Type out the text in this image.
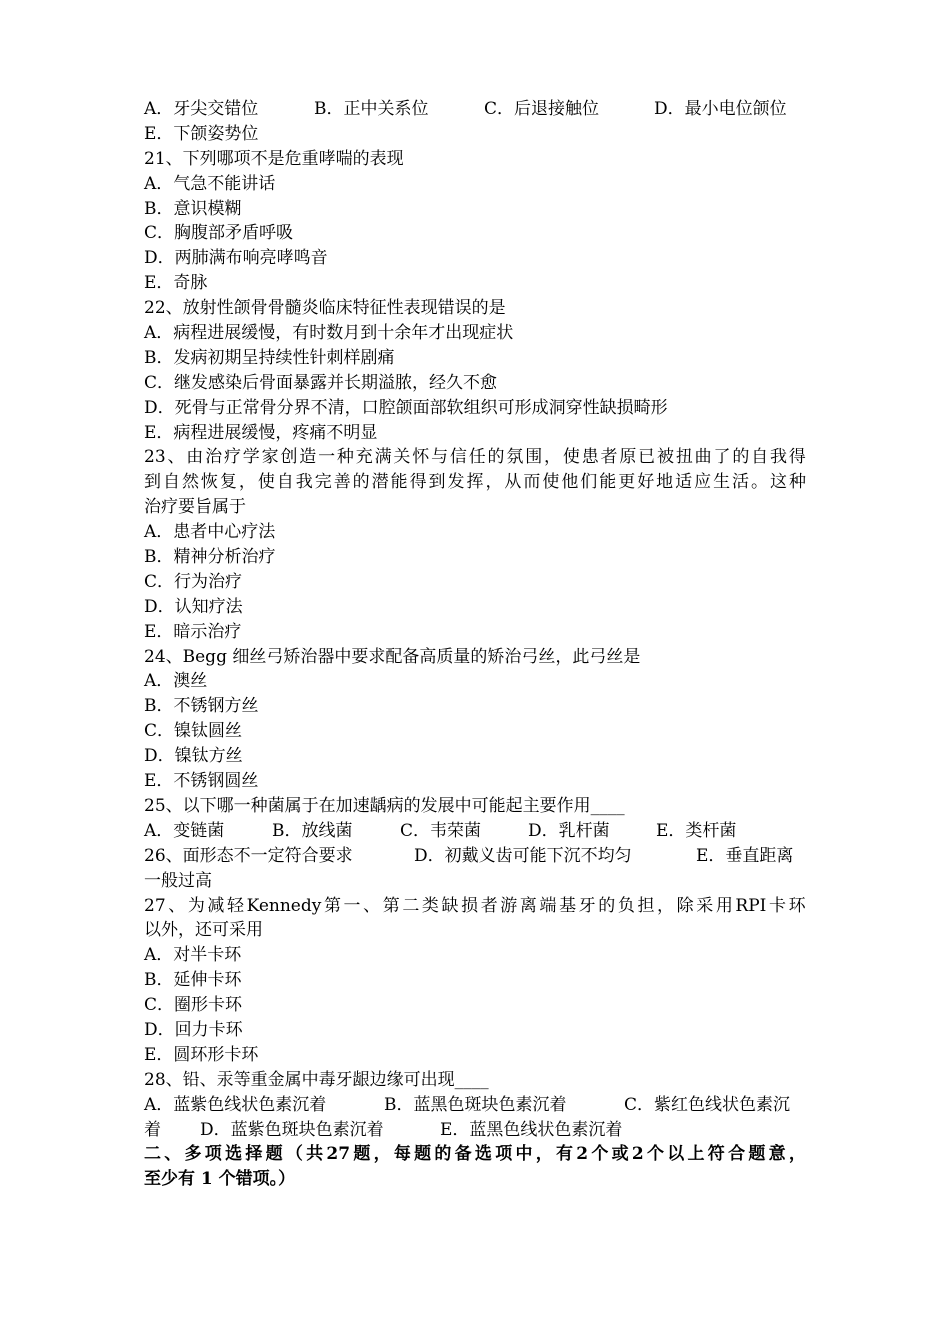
A．牙尖交错位	B．正中关系位	C．后退接触位	D．最小电位颌位
E．下颌姿势位
21、下列哪项不是危重哮喘的表现
A．气急不能讲话
B．意识模糊
C．胸腹部矛盾呼吸
D．两肺满布响亮哮鸣音
E．奇脉
22、放射性颌骨骨髓炎临床特征性表现错误的是
A．病程进展缓慢，有时数月到十余年才出现症状
B．发病初期呈持续性针刺样剧痛
C．继发感染后骨面暴露并长期溢脓，经久不愈
D．死骨与正常骨分界不清，口腔颌面部软组织可形成洞穿性缺损畸形
E．病程进展缓慢，疼痛不明显
23 、 由 治 疗 学 家 创 造 一 种 充 满 关 怀 与 信 任 的 氛 围 ， 使 患 者 原 已 被 扭 曲 了 的 自 我 得
到 自 然 恢 复 ， 使 自 我 完 善 的 潜 能 得 到 发 挥 ， 从 而 使 他 们 能 更 好 地 适 应 生 活 。 这 种
治疗要旨属于
A．患者中心疗法
B．精神分析治疗
C．行为治疗
D．认知疗法
E．暗示治疗
24、Begg 细丝弓矫治器中要求配备高质量的矫治弓丝，此弓丝是
A．澳丝
B．不锈钢方丝
C．镍钛圆丝
D．镍钛方丝
E．不锈钢圆丝
25、以下哪一种菌属于在加速龋病的发展中可能起主要作用____
A．变链菌	B．放线菌	C．韦荣菌	D．乳杆菌	E．类杆菌
26、面形态不一定符合要求	D．初戴义齿可能下沉不均匀	E．垂直距离
一般过高
27 、 为 减 轻 Kennedy 第 一 、 第 二 类 缺 损 者 游 离 端 基 牙 的 负 担 ， 除 采 用 RPI 卡 环
以外，还可采用
A．对半卡环
B．延伸卡环
C．圈形卡环
D．回力卡环
E．圆环形卡环
28、铅、汞等重金属中毒牙龈边缘可出现____
A．蓝紫色线状色素沉着	B．蓝黑色斑块色素沉着	C．紫红色线状色素沉
着	D．蓝紫色斑块色素沉着	E．蓝黑色线状色素沉着
二 、 多 项 选 择 题 （ 共 27 题 ， 每 题 的 备 选 项 中 ， 有 2 个 或 2 个 以 上 符 合 题 意 ，
至少有 1 个错项。）
